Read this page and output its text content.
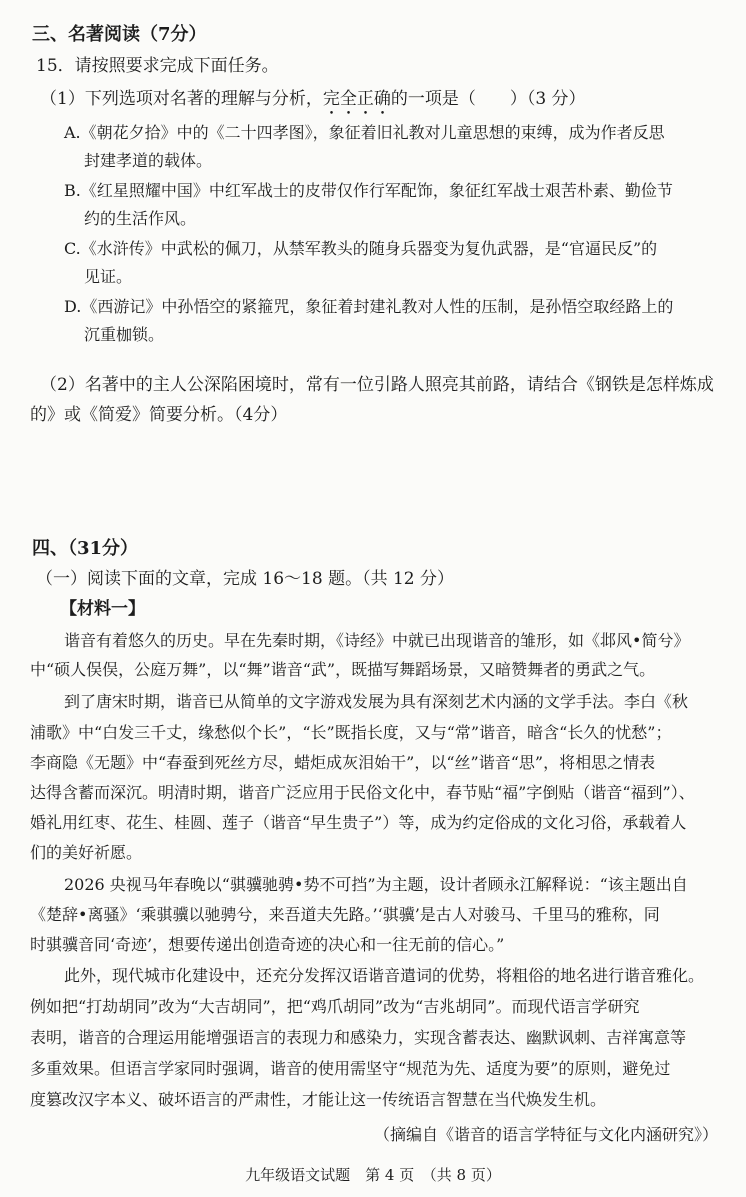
三、名著阅读（7分）
15．请按照要求完成下面任务。
（1）下列选项对名著的理解与分析，完全正确的一项是（　　）（3 分）
A.《朝花夕拾》中的《二十四孝图》，象征着旧礼教对儿童思想的束缚，成为作者反思
封建孝道的载体。
B.《红星照耀中国》中红军战士的皮带仅作行军配饰，象征红军战士艰苦朴素、勤俭节
约的生活作风。
C.《水浒传》中武松的佩刀，从禁军教头的随身兵器变为复仇武器，是“官逼民反”的
见证。
D.《西游记》中孙悟空的紧箍咒，象征着封建礼教对人性的压制，是孙悟空取经路上的
沉重枷锁。
（2）名著中的主人公深陷困境时，常有一位引路人照亮其前路，请结合《钢铁是怎样炼成
的》或《简爱》简要分析。（4分）
四、（31分）
（一）阅读下面的文章，完成 16～18 题。（共 12 分）
【材料一】
谐音有着悠久的历史。早在先秦时期，《诗经》中就已出现谐音的雏形，如《邶风•简兮》
中“硕人俣俣，公庭万舞”，以“舞”谐音“武”，既描写舞蹈场景，又暗赞舞者的勇武之气。
到了唐宋时期，谐音已从简单的文字游戏发展为具有深刻艺术内涵的文学手法。李白《秋
浦歌》中“白发三千丈，缘愁似个长”，“长”既指长度，又与“常”谐音，暗含“长久的忧愁”；
李商隐《无题》中“春蚕到死丝方尽，蜡炬成灰泪始干”，以“丝”谐音“思”，将相思之情表
达得含蓄而深沉。明清时期，谐音广泛应用于民俗文化中，春节贴“福”字倒贴（谐音“福到”）、
婚礼用红枣、花生、桂圆、莲子（谐音“早生贵子”）等，成为约定俗成的文化习俗，承载着人
们的美好祈愿。
2026 央视马年春晚以“骐骥驰骋•势不可挡”为主题，设计者顾永江解释说：“该主题出自
《楚辞•离骚》‘乘骐骥以驰骋兮，来吾道夫先路。’‘骐骥’是古人对骏马、千里马的雅称，同
时骐骥音同‘奇迹’，想要传递出创造奇迹的决心和一往无前的信心。”
此外，现代城市化建设中，还充分发挥汉语谐音遣词的优势，将粗俗的地名进行谐音雅化。
例如把“打劫胡同”改为“大吉胡同”，把“鸡爪胡同”改为“吉兆胡同”。而现代语言学研究
表明，谐音的合理运用能增强语言的表现力和感染力，实现含蓄表达、幽默讽刺、吉祥寓意等
多重效果。但语言学家同时强调，谐音的使用需坚守“规范为先、适度为要”的原则，避免过
度篡改汉字本义、破坏语言的严肃性，才能让这一传统语言智慧在当代焕发生机。
（摘编自《谐音的语言学特征与文化内涵研究》）
九年级语文试题　第 4 页　（共 8 页）
